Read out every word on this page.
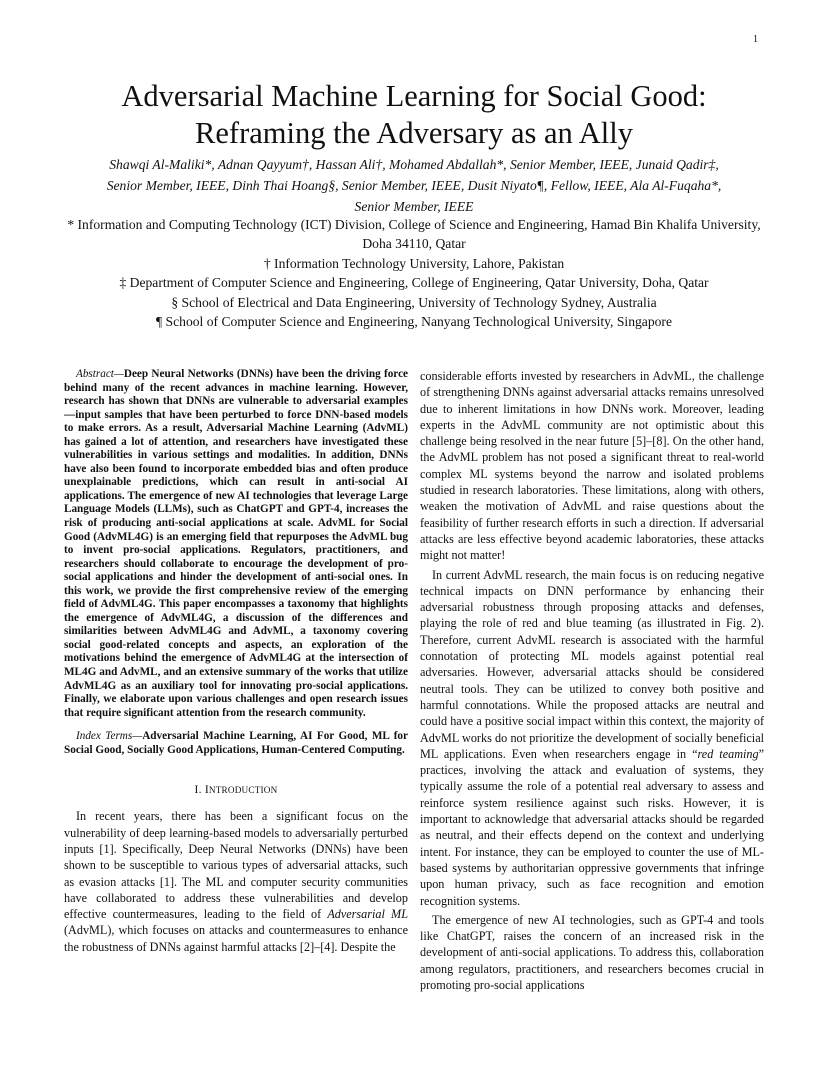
1
Adversarial Machine Learning for Social Good:
Reframing the Adversary as an Ally
Shawqi Al-Maliki*, Adnan Qayyum†, Hassan Ali†, Mohamed Abdallah*, Senior Member, IEEE, Junaid Qadir‡,
Senior Member, IEEE, Dinh Thai Hoang§, Senior Member, IEEE, Dusit Niyato¶, Fellow, IEEE, Ala Al-Fuqaha*,
Senior Member, IEEE
* Information and Computing Technology (ICT) Division, College of Science and Engineering, Hamad Bin Khalifa University, Doha 34110, Qatar
† Information Technology University, Lahore, Pakistan
‡ Department of Computer Science and Engineering, College of Engineering, Qatar University, Doha, Qatar
§ School of Electrical and Data Engineering, University of Technology Sydney, Australia
¶ School of Computer Science and Engineering, Nanyang Technological University, Singapore

Abstract—Deep Neural Networks (DNNs) have been the driving force behind many of the recent advances in machine learning. However, research has shown that DNNs are vulnerable to adversarial examples—input samples that have been perturbed to force DNN-based models to make errors. As a result, Adversarial Machine Learning (AdvML) has gained a lot of attention, and researchers have investigated these vulnerabilities in various settings and modalities. In addition, DNNs have also been found to incorporate embedded bias and often produce unexplainable predictions, which can result in anti-social AI applications. The emergence of new AI technologies that leverage Large Language Models (LLMs), such as ChatGPT and GPT-4, increases the risk of producing anti-social applications at scale. AdvML for Social Good (AdvML4G) is an emerging field that repurposes the AdvML bug to invent pro-social applications. Regulators, practitioners, and researchers should collaborate to encourage the development of pro-social applications and hinder the development of anti-social ones. In this work, we provide the first comprehensive review of the emerging field of AdvML4G. This paper encompasses a taxonomy that highlights the emergence of AdvML4G, a discussion of the differences and similarities between AdvML4G and AdvML, a taxonomy covering social good-related concepts and aspects, an exploration of the motivations behind the emergence of AdvML4G at the intersection of ML4G and AdvML, and an extensive summary of the works that utilize AdvML4G as an auxiliary tool for innovating pro-social applications. Finally, we elaborate upon various challenges and open research issues that require significant attention from the research community.

Index Terms—Adversarial Machine Learning, AI For Good, ML for Social Good, Socially Good Applications, Human-Centered Computing.

I. INTRODUCTION

In recent years, there has been a significant focus on the vulnerability of deep learning-based models to adversarially perturbed inputs [1]. Specifically, Deep Neural Networks (DNNs) have been shown to be susceptible to various types of adversarial attacks, such as evasion attacks [1]. The ML and computer security communities have collaborated to address these vulnerabilities and develop effective countermeasures, leading to the field of Adversarial ML (AdvML), which focuses on attacks and countermeasures to enhance the robustness of DNNs against harmful attacks [2]–[4]. Despite the

considerable efforts invested by researchers in AdvML, the challenge of strengthening DNNs against adversarial attacks remains unresolved due to inherent limitations in how DNNs work. Moreover, leading experts in the AdvML community are not optimistic about this challenge being resolved in the near future [5]–[8]. On the other hand, the AdvML problem has not posed a significant threat to real-world complex ML systems beyond the narrow and isolated problems studied in research laboratories. These limitations, along with others, weaken the motivation of AdvML and raise questions about the feasibility of further research efforts in such a direction. If adversarial attacks are less effective beyond academic laboratories, these attacks might not matter!

In current AdvML research, the main focus is on reducing negative technical impacts on DNN performance by enhancing their adversarial robustness through proposing attacks and defenses, playing the role of red and blue teaming (as illustrated in Fig. 2). Therefore, current AdvML research is associated with the harmful connotation of protecting ML models against potential real adversaries. However, adversarial attacks should be considered neutral tools. They can be utilized to convey both positive and harmful connotations. While the proposed attacks are neutral and could have a positive social impact within this context, the majority of AdvML works do not prioritize the development of socially beneficial ML applications. Even when researchers engage in “red teaming” practices, involving the attack and evaluation of systems, they typically assume the role of a potential real adversary to assess and reinforce system resilience against such risks. However, it is important to acknowledge that adversarial attacks should be regarded as neutral, and their effects depend on the context and underlying intent. For instance, they can be employed to counter the use of ML-based systems by authoritarian oppressive governments that infringe upon human privacy, such as face recognition and emotion recognition systems.

The emergence of new AI technologies, such as GPT-4 and tools like ChatGPT, raises the concern of an increased risk in the development of anti-social applications. To address this, collaboration among regulators, practitioners, and researchers becomes crucial in promoting pro-social applications
